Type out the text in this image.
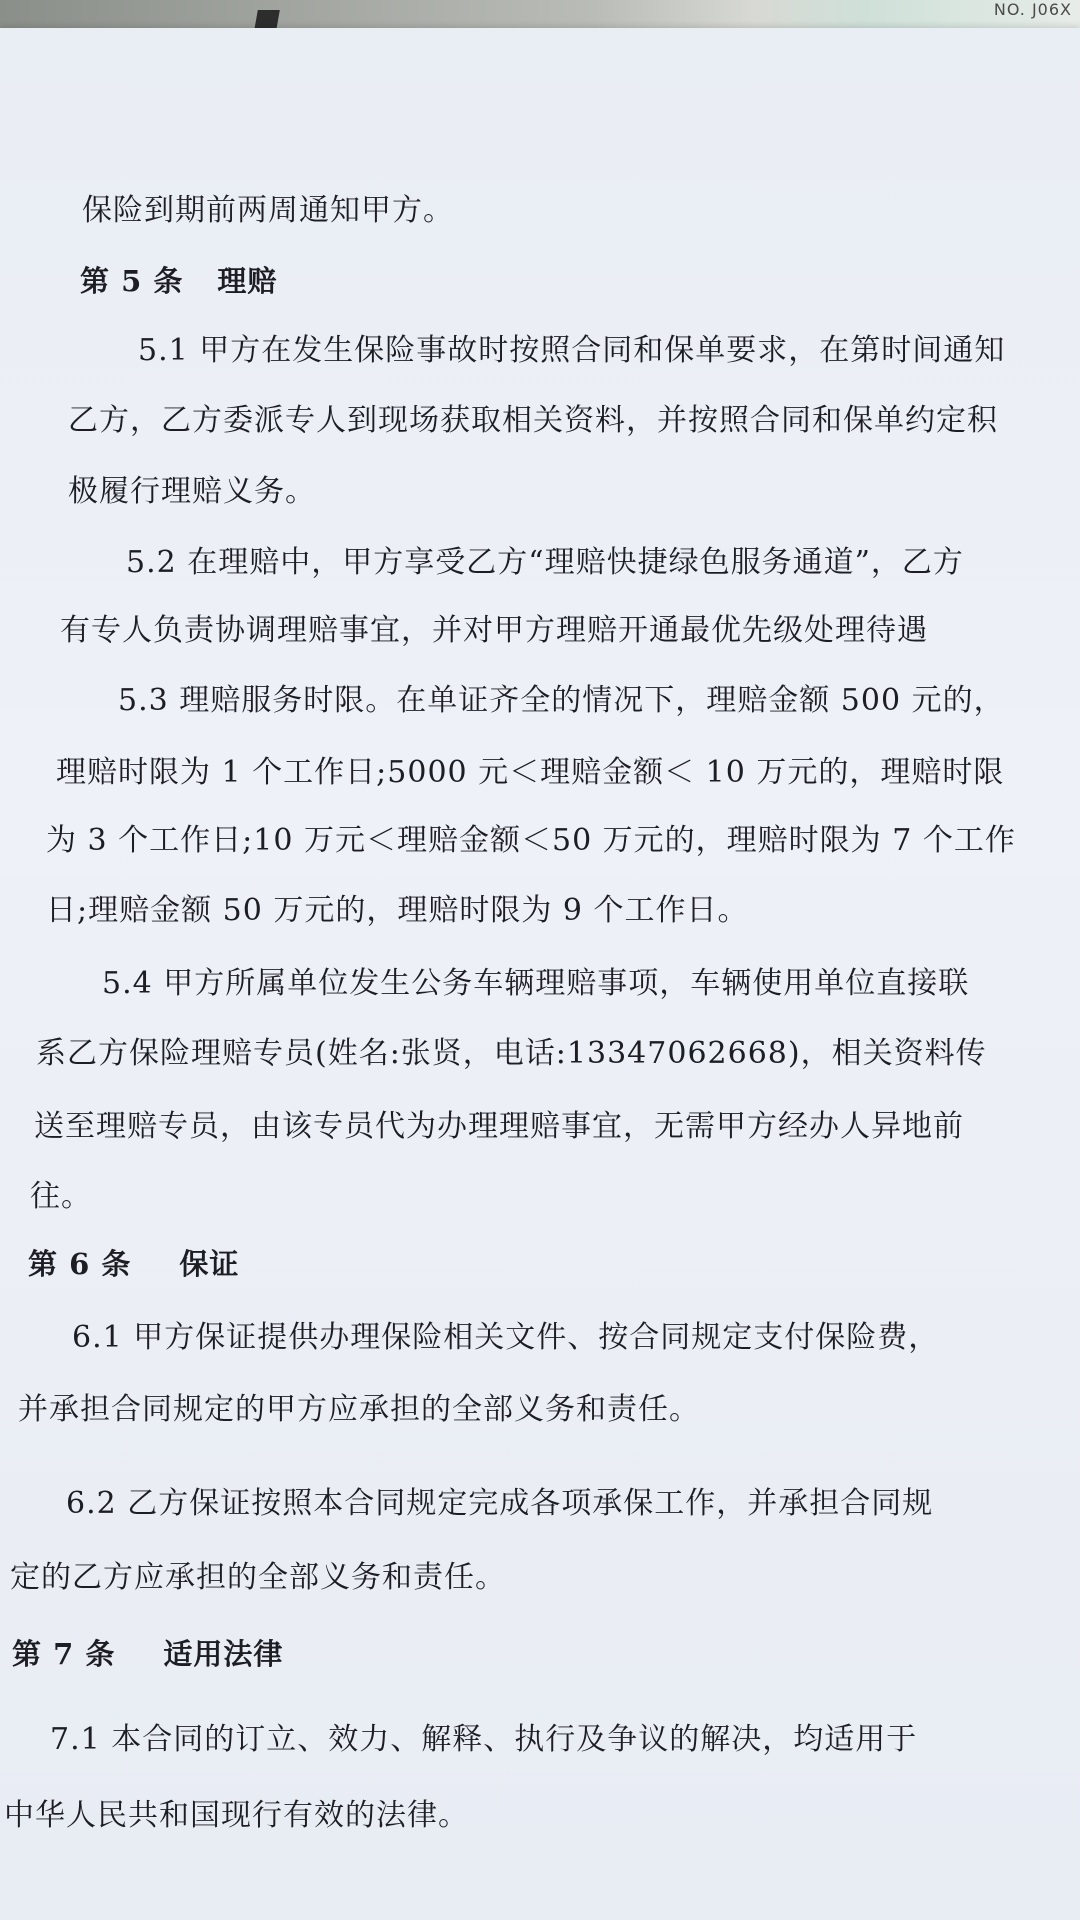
NO. J06X
保险到期前两周通知甲方。
第 5 条 理赔
5.1 甲方在发生保险事故时按照合同和保单要求，在第时间通知
乙方，乙方委派专人到现场获取相关资料，并按照合同和保单约定积
极履行理赔义务。
5.2 在理赔中，甲方享受乙方“理赔快捷绿色服务通道”，乙方
有专人负责协调理赔事宜，并对甲方理赔开通最优先级处理待遇
5.3 理赔服务时限。在单证齐全的情况下，理赔金额 500 元的，
理赔时限为 1 个工作日;5000 元＜理赔金额＜ 10 万元的，理赔时限
为 3 个工作日;10 万元＜理赔金额＜50 万元的，理赔时限为 7 个工作
日;理赔金额 50 万元的，理赔时限为 9 个工作日。
5.4 甲方所属单位发生公务车辆理赔事项，车辆使用单位直接联
系乙方保险理赔专员(姓名:张贤，电话:13347062668)，相关资料传
送至理赔专员，由该专员代为办理理赔事宜，无需甲方经办人异地前
往。
第 6 条 保证
6.1 甲方保证提供办理保险相关文件、按合同规定支付保险费，
并承担合同规定的甲方应承担的全部义务和责任。
6.2 乙方保证按照本合同规定完成各项承保工作，并承担合同规
定的乙方应承担的全部义务和责任。
第 7 条 适用法律
7.1 本合同的订立、效力、解释、执行及争议的解决，均适用于
中华人民共和国现行有效的法律。
